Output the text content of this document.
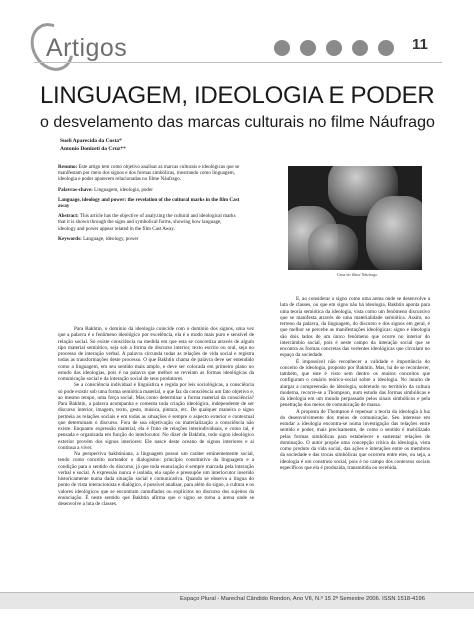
Artigos	11
LINGUAGEM, IDEOLOGIA E PODER
o desvelamento das marcas culturais no filme Náufrago
Sueli Aparecida da Costa*
Antonio Donizeti da Cruz**

Resumo: Este artigo tem como objetivo analisar as marcas culturais e ideológicas que se manifestam por meio dos signos e dos formas simbólicas, mostrando como linguagem, ideologia e poder aparecem relacionadas no filme Náufrago.

Palavras-chave: Linguagem, ideologia, poder

Language, ideology and power: the revelation of the cultural marks in the film Cast away

Abstract: This article has the objective of analyzing the cultural and ideological marks that it is shown through the signs and symbolical forms, showing how language, ideology and power appear related in the film Cast Away.

Keywords: Language, ideology, power

Cena do filme Náufrago

Para Bakhtin, o domínio da ideologia coincide com o domínio dos signos, uma vez que a palavra é o fenômeno ideológico por excelência, ela é o modo mais puro e sensível de relação social. Só existe consciência na medida em que esta se concretiza através de algum tipo material semiótico, seja sob a forma de discurso interior, texto escrito ou oral, seja no processo de interação verbal. A palavra circunda todas as relações de vida social e registra todas as transformações deste processo. O que Bakhtin chama de palavra deve ser entendido como a linguagem, em seu sentido mais amplo, e deve ser colocada em primeiro plano no estudo das ideologias, pois é na palavra que melhor se revelam as formas ideológicas da comunicação social e da interação social de seus produtores.

Se a consciência individual é linguística e regida por leis sociológicas, a consciência só pode existir sob uma forma semiótica material, o que faz da consciência um fato objetivo e, ao mesmo tempo, uma força social. Mas como determinar a forma material da consciência? Para Bakhtin, a palavra acompanha e comenta toda criação ideológica, independente de ser discurso interior, imagem, texto, gesto, música, pintura, etc. De qualquer maneira o signo permeia as relações sociais e em todas as situações é sempre o aspecto exterior e contextual que determinam o discurso. Fora de sua objetivação ou materialização a consciência não existe. Enquanto expressão material, ela é fruto de relações interindividuais, e como tal, é pensada e organizada em função do interlocutor. No dizer de Bakhtin, todo signo ideológico exterior provém dos signos interiores: Ele nasce deste oceano de signos interiores e aí continua a viver.

Na perspectiva bakhtiniana, a linguagem possui um caráter eminentemente social, tendo como conceito norteador o dialogismo: princípio constitutivo da linguagem e a condição para o sentido do discurso, já que toda enunciação é sempre marcada pela interação verbal e social. A expressão nunca é isolada, ela supõe e pressupõe um interlocutor inserido historicamente numa dada situação social e comunicativa. Quando se observa a língua do ponto de vista interacionista e dialógico, é possível analisar, para além do signo, a cultura e os valores ideológicos que se encontram camuflados ou explícitos no discurso dos sujeitos da enunciação. É neste sentido que Bakhtin afirma que o signo se torna a arena onde se desenvolve a luta de classes.

E, ao considerar o signo como uma arena onde se desenvolve a luta de classes, ou que em signo não há ideologia, Bakhtin aponta para uma teoria semiótica da ideologia, vista como um fenômeno discursivo que se manifesta através de uma materialidade semiótica. Assim, no terreno da palavra, da linguagem, do discurso e dos signos em geral, é que melhor se percebe as manifestações ideológicas: signo e ideologia são dois lados de um único fenômeno que ocorre no interior do intercâmbio social, pois é neste campo da interação social que se encontra as formas concretas das vertentes ideológicas que circulam no espaço da sociedade.

É impossível não reconhecer a validade e importância do conceito de ideologia, proposto por Bakhtin. Mas, há de se reconhecer, também, que este é visto sem dentro os muitos conceitos que configuram o cenário teórico-social sobre a ideologia. No intuito de alargar a compreensão de ideologia, sobretudo no território da cultura moderna, recorre-se a Thompson, num estudo das formas simbólicas e da ideologia em um mundo perpassado pelos sinais simbólicos e pela penetração dos meios de comunicação de massa.

A proposta de Thompson é repensar a teoria da ideologia à luz do desenvolvimento dos meios de comunicação. Seu interesse em estudar a ideologia encontra-se numa investigação das relações entre sentido e poder, mais precisamente, de como o sentido é mobilizado pelas formas simbólicas para estabelecer e sustentar relações de dominação. O autor propõe uma concepção crítica da ideologia, vista como produto da vida social, das ações e interações entre os membros da sociedade e das trocas simbólicas que ocorrem entre eles, ou seja, a ideologia é um construto social, pois é no campo dos contextos sociais específicos que ela é produzida, transmitida ou recebida.

Espaço Plural - Marechal Cândido Rondon, Ano VII, N.º 15 2º Semestre 2006. ISSN 1518-4196
